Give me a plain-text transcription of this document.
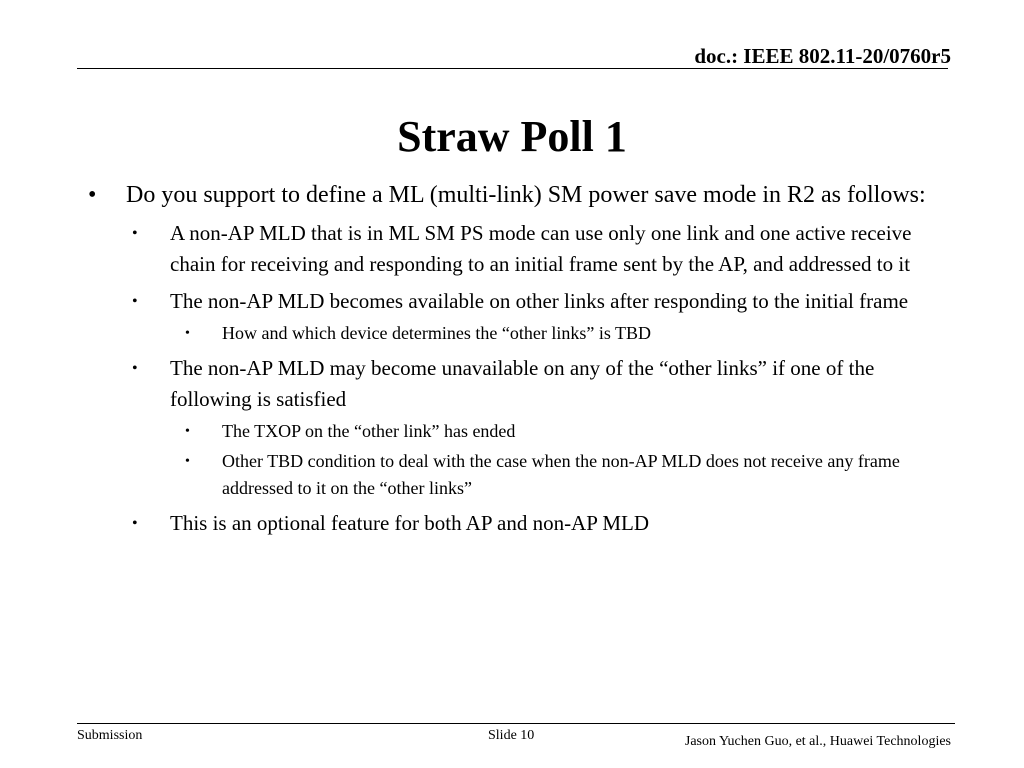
doc.: IEEE 802.11-20/0760r5
Straw Poll 1
• Do you support to define a ML (multi-link) SM power save mode in R2 as follows:
• A non-AP MLD that is in ML SM PS mode can use only one link and one active receive chain for receiving and responding to an initial frame sent by the AP, and addressed to it
• The non-AP MLD becomes available on other links after responding to the initial frame
• How and which device determines the “other links” is TBD
• The non-AP MLD may become unavailable on any of the “other links” if one of the following is satisfied
• The TXOP on the “other link” has ended
• Other TBD condition to deal with the case when the non-AP MLD does not receive any frame addressed to it on the “other links”
• This is an optional feature for both AP and non-AP MLD
Submission	Slide 10	Jason Yuchen Guo, et al., Huawei Technologies
